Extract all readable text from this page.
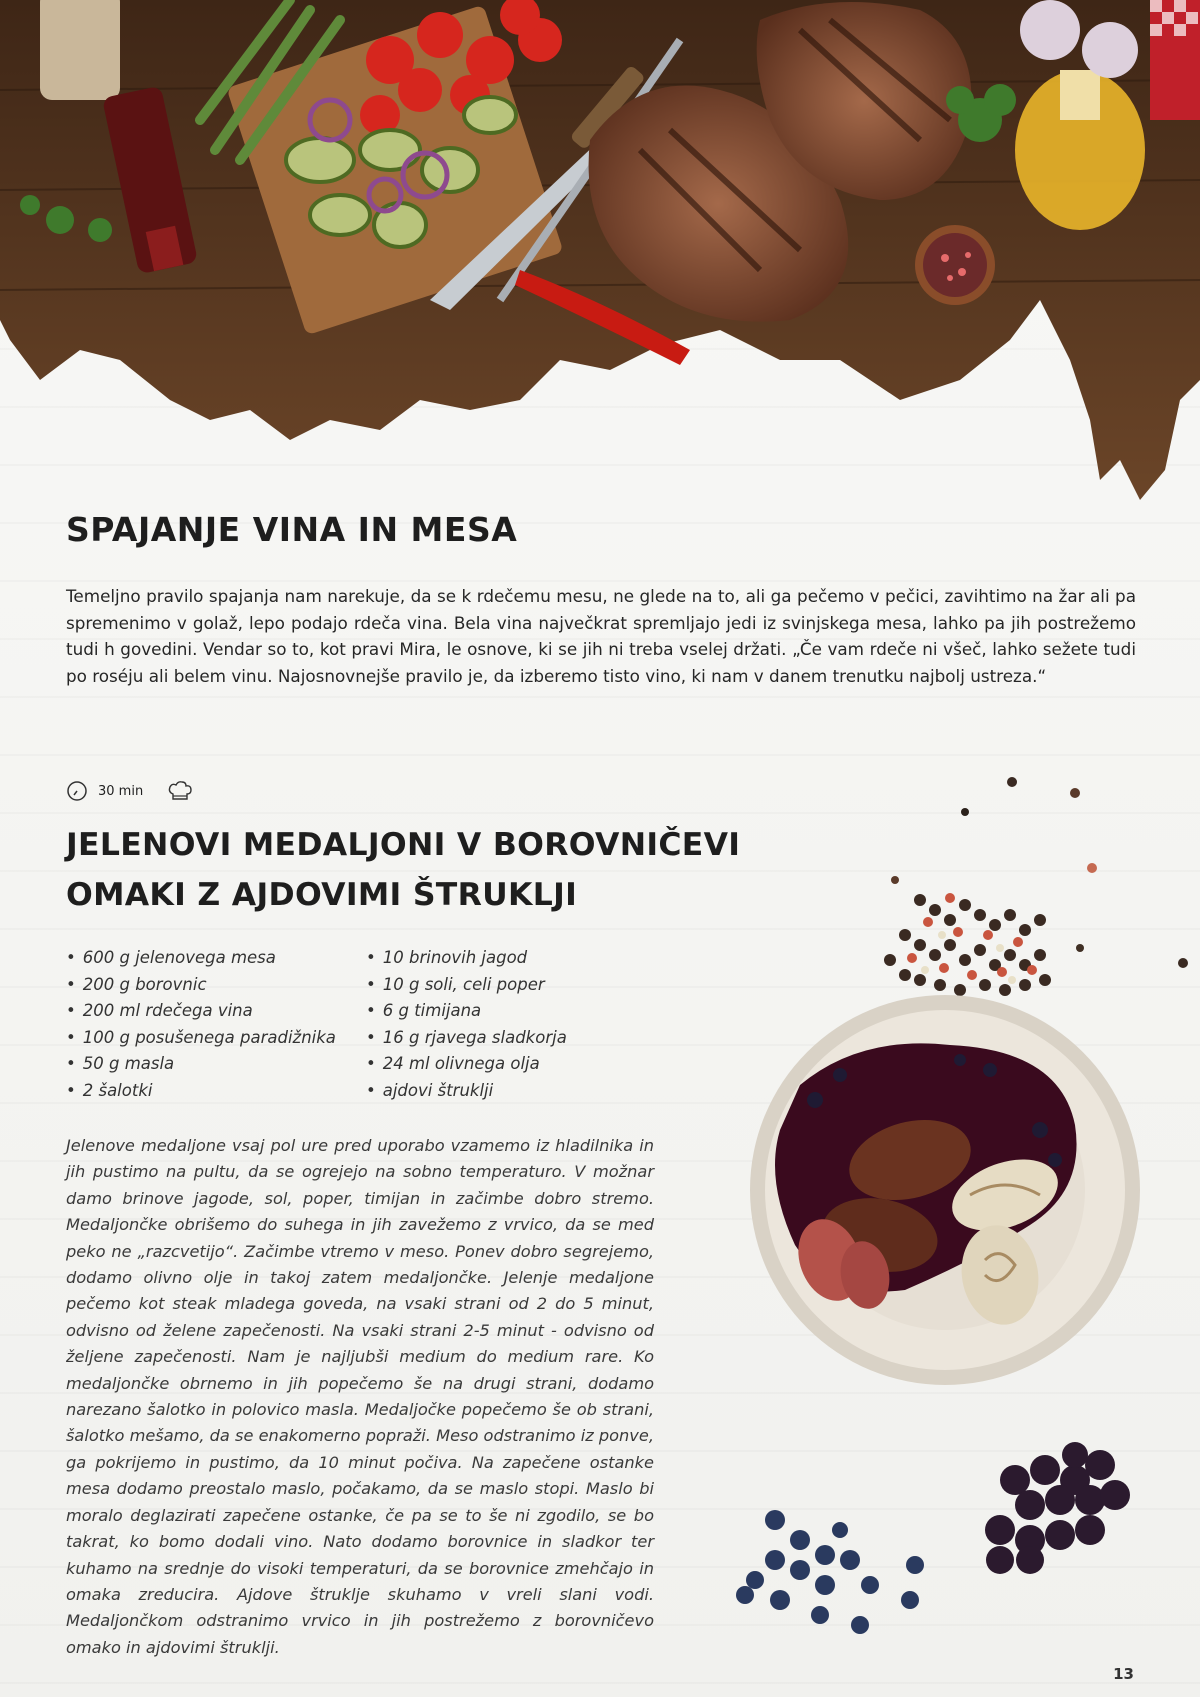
SPAJANJE VINA IN MESA

Temeljno pravilo spajanja nam narekuje, da se k rdečemu mesu, ne glede na to, ali ga pečemo v pečici, zavihtimo na žar ali pa spremenimo v golaž, lepo podajo rdeča vina. Bela vina največkrat spremljajo jedi iz svinjskega mesa, lahko pa jih postrežemo tudi h govedini. Vendar so to, kot pravi Mira, le osnove, ki se jih ni treba vselej držati. „Če vam rdeče ni všeč, lahko sežete tudi po roséju ali belem vinu. Najosnovnejše pravilo je, da izberemo tisto vino, ki nam v danem trenutku najbolj ustreza.“

30 min
JELENOVI MEDALJONI V BOROVNIČEVI
OMAKI Z AJDOVIMI ŠTRUKLJI
• 600 g jelenovega mesa
• 200 g borovnic
• 200 ml rdečega vina
• 100 g posušenega paradižnika
• 50 g masla
• 2 šalotki
• 10 brinovih jagod
• 10 g soli, celi poper
• 6 g timijana
• 16 g rjavega sladkorja
• 24 ml olivnega olja
• ajdovi štruklji

Jelenove medaljone vsaj pol ure pred uporabo vzamemo iz hladilnika in jih pustimo na pultu, da se ogrejejo na sobno temperaturo. V možnar damo brinove jagode, sol, poper, timijan in začimbe dobro stremo. Medaljončke obrišemo do suhega in jih zavežemo z vrvico, da se med peko ne „razcvetijo“. Začimbe vtremo v meso. Ponev dobro segrejemo, dodamo olivno olje in takoj zatem medaljončke. Jelenje medaljone pečemo kot steak mladega goveda, na vsaki strani od 2 do 5 minut, odvisno od želene zapečenosti. Na vsaki strani 2-5 minut - odvisno od željene zapečenosti. Nam je najljubši medium do medium rare. Ko medaljončke obrnemo in jih popečemo še na drugi strani, dodamo narezano šalotko in polovico masla. Medaljočke popečemo še ob strani, šalotko mešamo, da se enakomerno popraži. Meso odstranimo iz ponve, ga pokrijemo in pustimo, da 10 minut počiva. Na zapečene ostanke mesa dodamo preostalo maslo, počakamo, da se maslo stopi. Maslo bi moralo deglazirati zapečene ostanke, če pa se to še ni zgodilo, se bo takrat, ko bomo dodali vino. Nato dodamo borovnice in sladkor ter kuhamo na srednje do visoki temperaturi, da se borovnice zmehčajo in omaka zreducira. Ajdove štruklje skuhamo v vreli slani vodi. Medaljončkom odstranimo vrvico in jih postrežemo z borovničevo omako in ajdovimi štruklji.

13
